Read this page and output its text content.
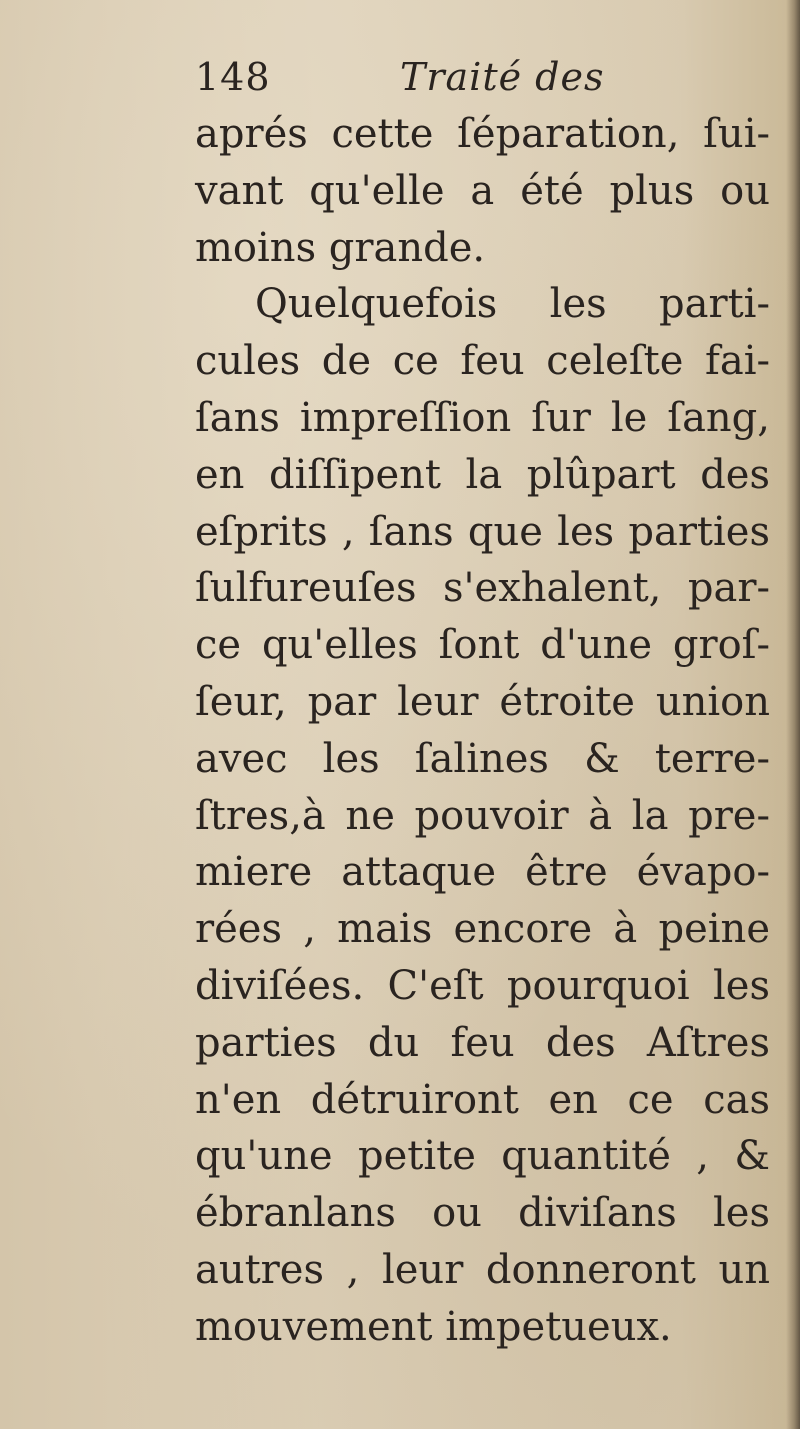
148	Traité des
aprés cette ſéparation, ſui-
vant qu'elle a été plus ou
moins grande.
Quelquefois les parti-
cules de ce feu celeſte fai-
ſans impreſſion ſur le ſang,
en diſſipent la plûpart des
eſprits , ſans que les parties
ſulfureuſes s'exhalent, par-
ce qu'elles ſont d'une groſ-
ſeur, par leur étroite union
avec les ſalines & terre-
ſtres,à ne pouvoir à la pre-
miere attaque être évapo-
rées , mais encore à peine
diviſées. C'eſt pourquoi les
parties du feu des Aſtres
n'en détruiront en ce cas
qu'une petite quantité , &
ébranlans ou diviſans les
autres , leur donneront un
mouvement impetueux.
